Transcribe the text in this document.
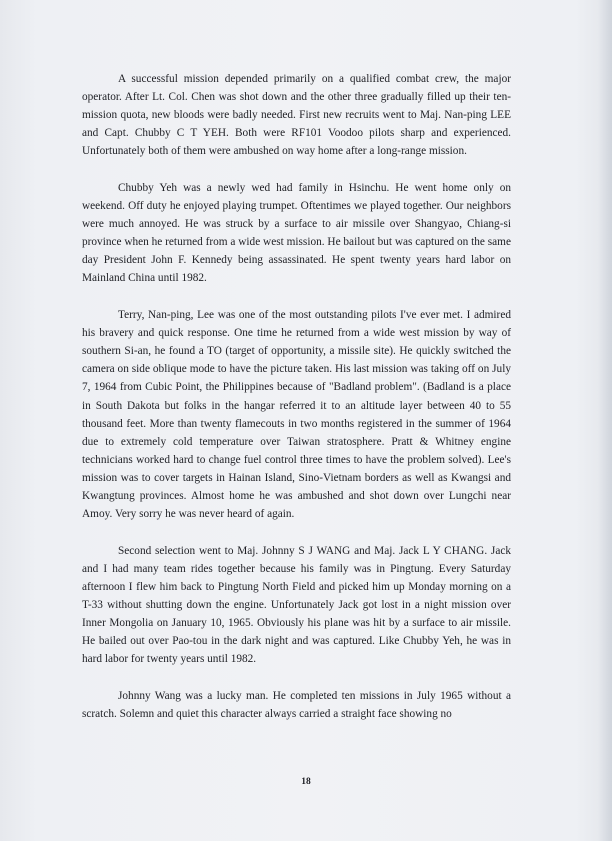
A successful mission depended primarily on a qualified combat crew, the major operator. After Lt. Col. Chen was shot down and the other three gradually filled up their ten-mission quota, new bloods were badly needed. First new recruits went to Maj. Nan-ping LEE and Capt. Chubby C T YEH. Both were RF101 Voodoo pilots sharp and experienced. Unfortunately both of them were ambushed on way home after a long-range mission.

Chubby Yeh was a newly wed had family in Hsinchu. He went home only on weekend. Off duty he enjoyed playing trumpet. Oftentimes we played together. Our neighbors were much annoyed. He was struck by a surface to air missile over Shangyao, Chiang-si province when he returned from a wide west mission. He bailout but was captured on the same day President John F. Kennedy being assassinated. He spent twenty years hard labor on Mainland China until 1982.

Terry, Nan-ping, Lee was one of the most outstanding pilots I've ever met. I admired his bravery and quick response. One time he returned from a wide west mission by way of southern Si-an, he found a TO (target of opportunity, a missile site). He quickly switched the camera on side oblique mode to have the picture taken. His last mission was taking off on July 7, 1964 from Cubic Point, the Philippines because of "Badland problem". (Badland is a place in South Dakota but folks in the hangar referred it to an altitude layer between 40 to 55 thousand feet. More than twenty flamecouts in two months registered in the summer of 1964 due to extremely cold temperature over Taiwan stratosphere. Pratt & Whitney engine technicians worked hard to change fuel control three times to have the problem solved). Lee's mission was to cover targets in Hainan Island, Sino-Vietnam borders as well as Kwangsi and Kwangtung provinces. Almost home he was ambushed and shot down over Lungchi near Amoy. Very sorry he was never heard of again.

Second selection went to Maj. Johnny S J WANG and Maj. Jack L Y CHANG. Jack and I had many team rides together because his family was in Pingtung. Every Saturday afternoon I flew him back to Pingtung North Field and picked him up Monday morning on a T-33 without shutting down the engine. Unfortunately Jack got lost in a night mission over Inner Mongolia on January 10, 1965. Obviously his plane was hit by a surface to air missile. He bailed out over Pao-tou in the dark night and was captured. Like Chubby Yeh, he was in hard labor for twenty years until 1982.

Johnny Wang was a lucky man. He completed ten missions in July 1965 without a scratch. Solemn and quiet this character always carried a straight face showing no

18
